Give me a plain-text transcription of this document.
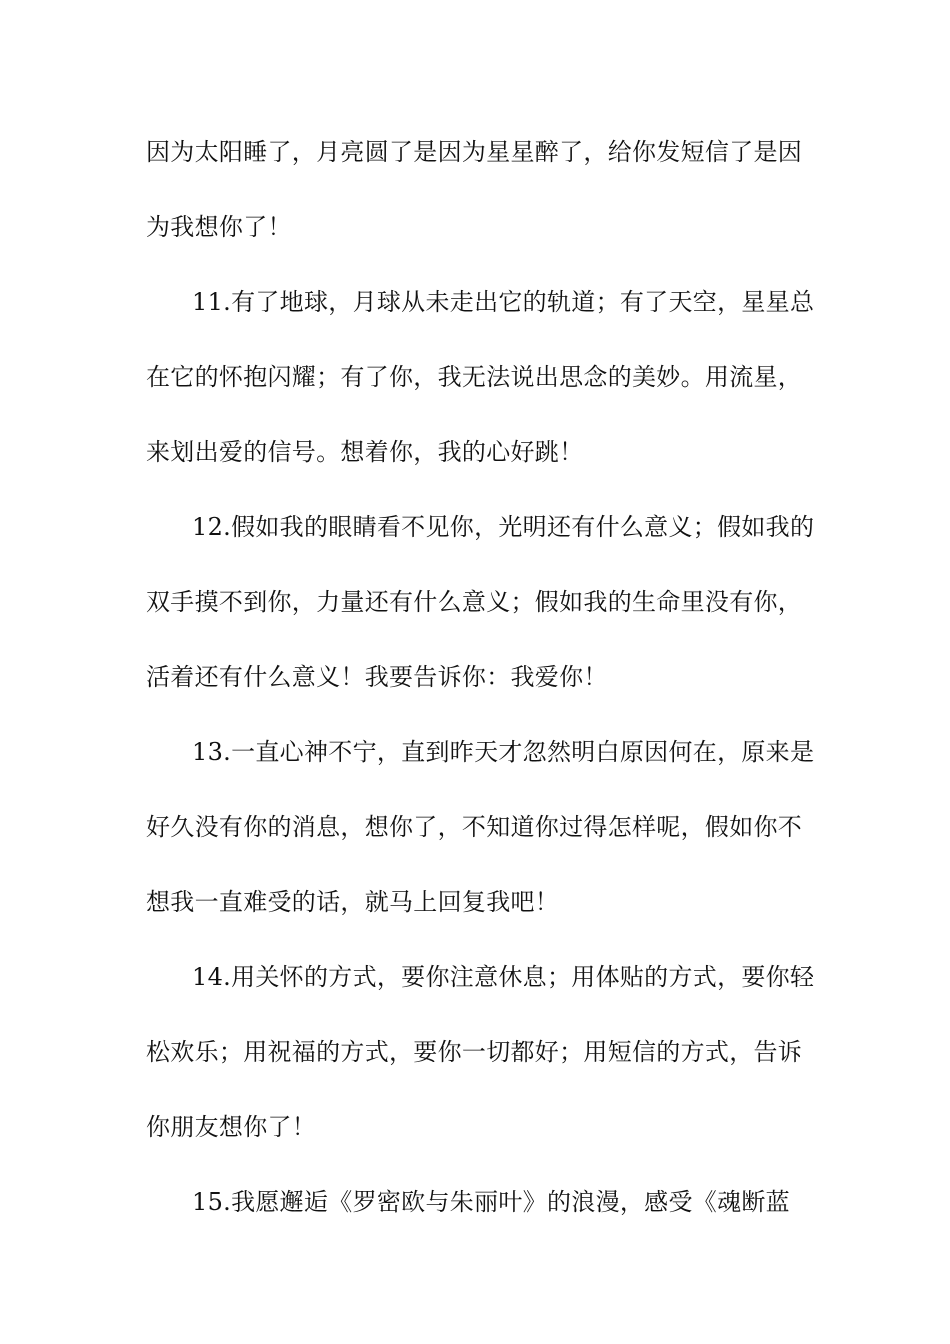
因为太阳睡了，月亮圆了是因为星星醉了，给你发短信了是因
为我想你了！
11.有了地球，月球从未走出它的轨道；有了天空，星星总
在它的怀抱闪耀；有了你，我无法说出思念的美妙。用流星，
来划出爱的信号。想着你，我的心好跳！
12.假如我的眼睛看不见你，光明还有什么意义；假如我的
双手摸不到你，力量还有什么意义；假如我的生命里没有你，
活着还有什么意义！我要告诉你：我爱你！
13.一直心神不宁，直到昨天才忽然明白原因何在，原来是
好久没有你的消息，想你了，不知道你过得怎样呢，假如你不
想我一直难受的话，就马上回复我吧！
14.用关怀的方式，要你注意休息；用体贴的方式，要你轻
松欢乐；用祝福的方式，要你一切都好；用短信的方式，告诉
你朋友想你了！
15.我愿邂逅《罗密欧与朱丽叶》的浪漫，感受《魂断蓝
